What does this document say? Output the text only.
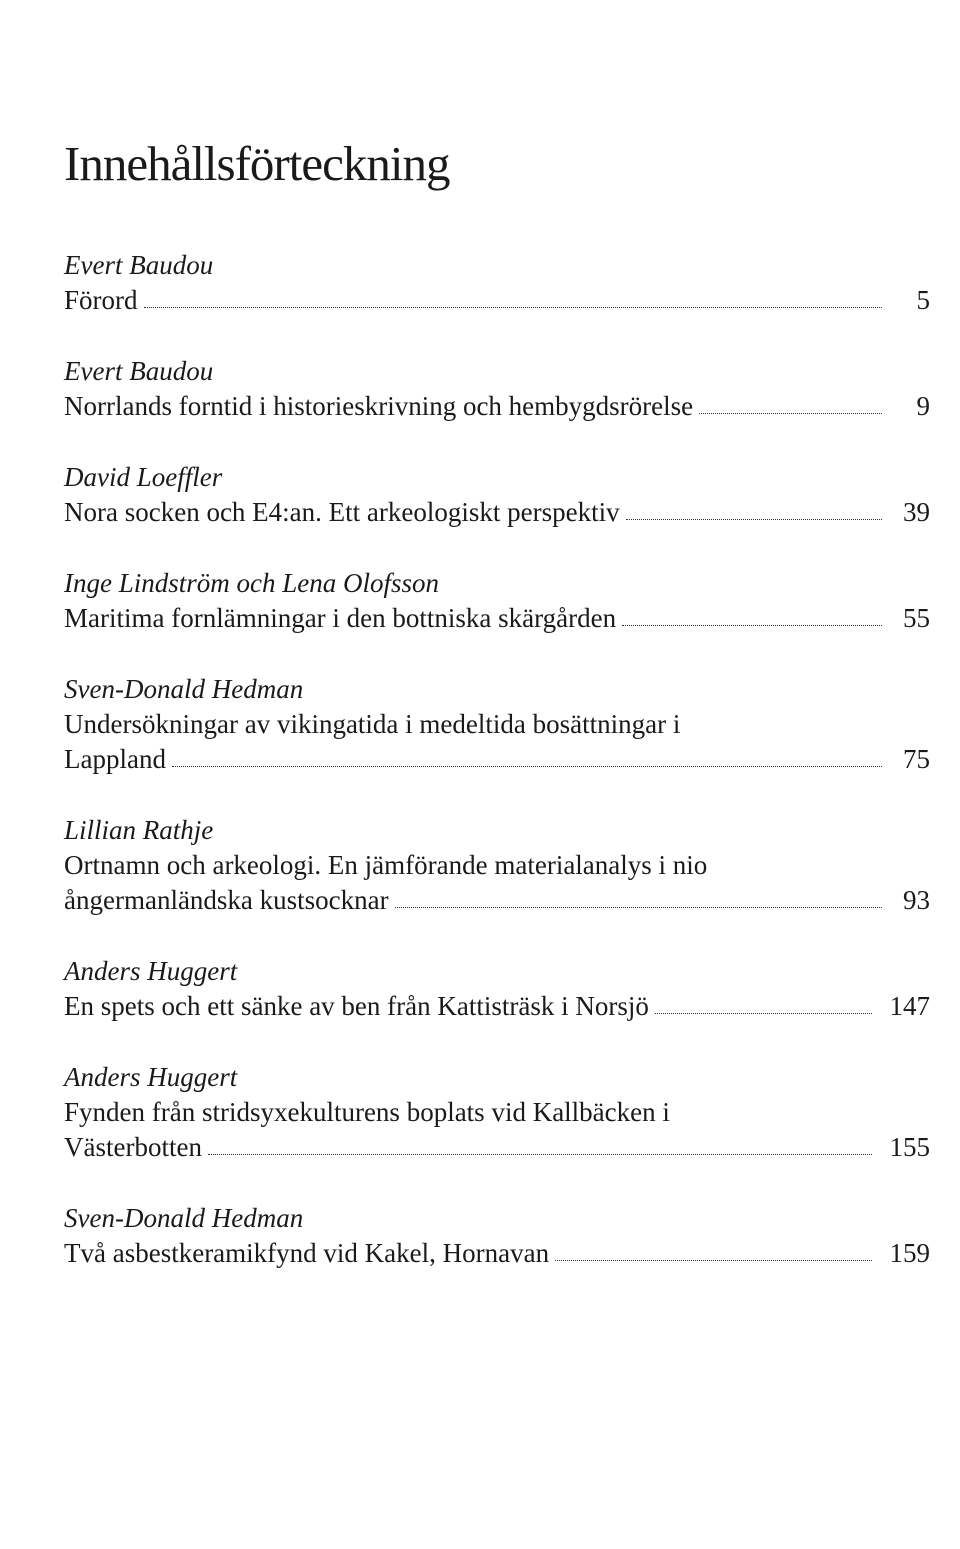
Innehållsförteckning
Evert Baudou
Förord	5
Evert Baudou
Norrlands forntid i historieskrivning och hembygdsrörelse	9
David Loeffler
Nora socken och E4:an. Ett arkeologiskt perspektiv	39
Inge Lindström och Lena Olofsson
Maritima fornlämningar i den bottniska skärgården	55
Sven-Donald Hedman
Undersökningar av vikingatida i medeltida bosättningar i
Lappland	75
Lillian Rathje
Ortnamn och arkeologi. En jämförande materialanalys i nio
ångermanländska kustsocknar	93
Anders Huggert
En spets och ett sänke av ben från Kattisträsk i Norsjö	147
Anders Huggert
Fynden från stridsyxekulturens boplats vid Kallbäcken i
Västerbotten	155
Sven-Donald Hedman
Två asbestkeramikfynd vid Kakel, Hornavan	159
